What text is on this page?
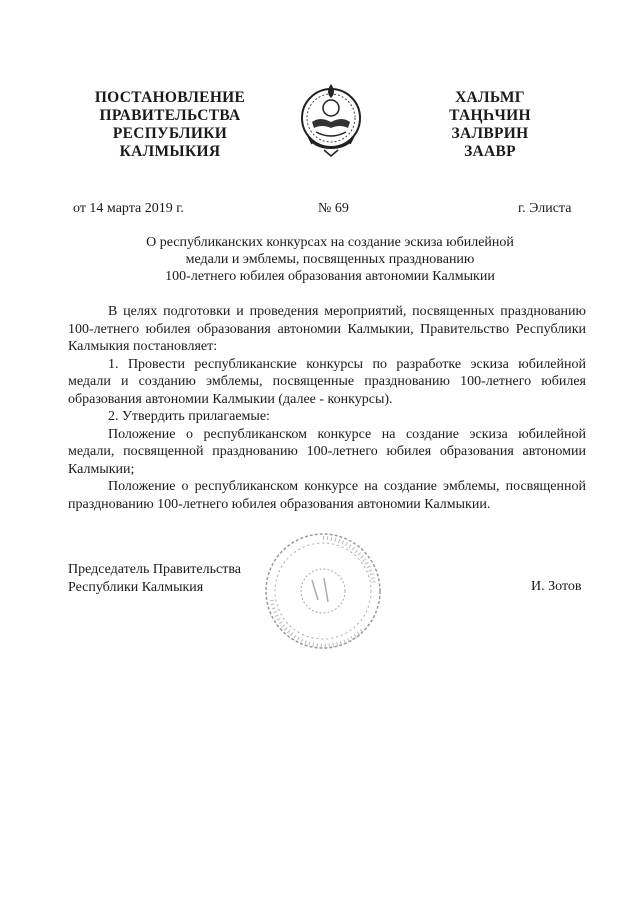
ПОСТАНОВЛЕНИЕ
ПРАВИТЕЛЬСТВА
РЕСПУБЛИКИ
КАЛМЫКИЯ
ХАЛЬМГ
ТАҢҺЧИН
ЗАЛВРИН
ЗААВР
от 14 марта 2019 г.	№ 69	г. Элиста
О республиканских конкурсах на создание эскиза юбилейной
медали и эмблемы, посвященных празднованию
100-летнего юбилея образования автономии Калмыкии

В целях подготовки и проведения мероприятий, посвященных празднованию 100-летнего юбилея образования автономии Калмыкии, Правительство Республики Калмыкия постановляет:

1. Провести республиканские конкурсы по разработке эскиза юбилейной медали и созданию эмблемы, посвященные празднованию 100-летнего юбилея образования автономии Калмыкии (далее - конкурсы).

2. Утвердить прилагаемые:

Положение о республиканском конкурсе на создание эскиза юбилейной медали, посвященной празднованию 100-летнего юбилея образования автономии Калмыкии;

Положение о республиканском конкурсе на создание эмблемы, посвященной празднованию 100-летнего юбилея образования автономии Калмыкии.

Председатель Правительства
Республики Калмыкия	И. Зотов
